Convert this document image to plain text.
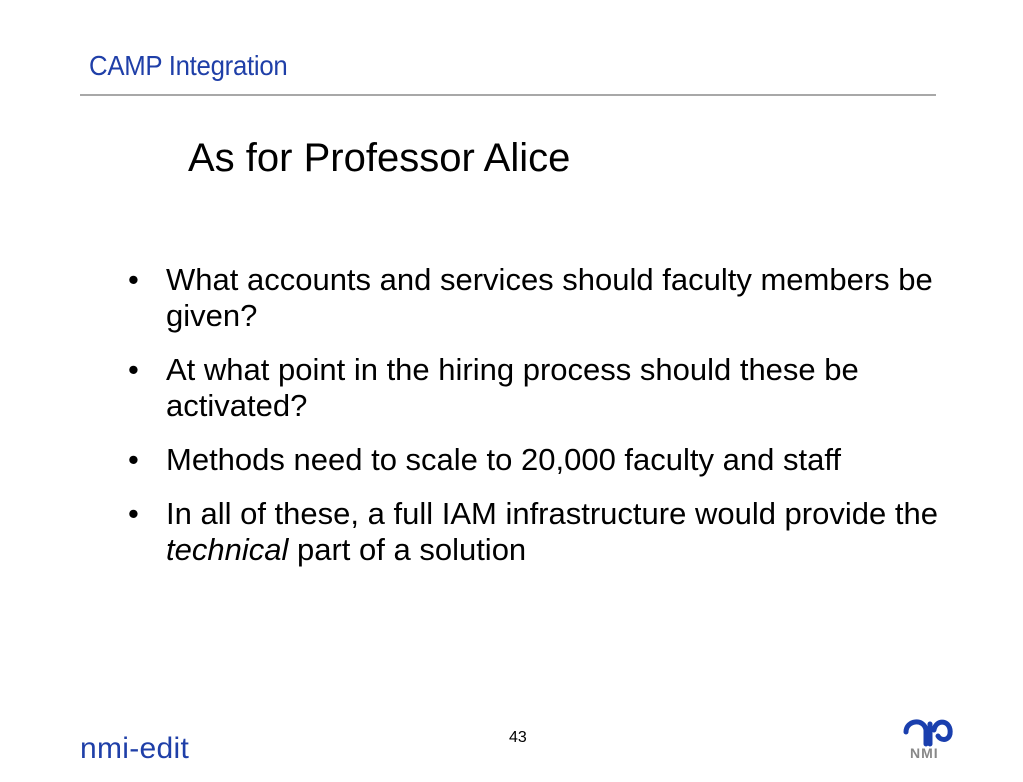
CAMP Integration
As for Professor Alice
• What accounts and services should faculty members be given?
• At what point in the hiring process should these be activated?
• Methods need to scale to 20,000 faculty and staff
• In all of these, a full IAM infrastructure would provide the technical part of a solution
43
nmi-edit	NMI
